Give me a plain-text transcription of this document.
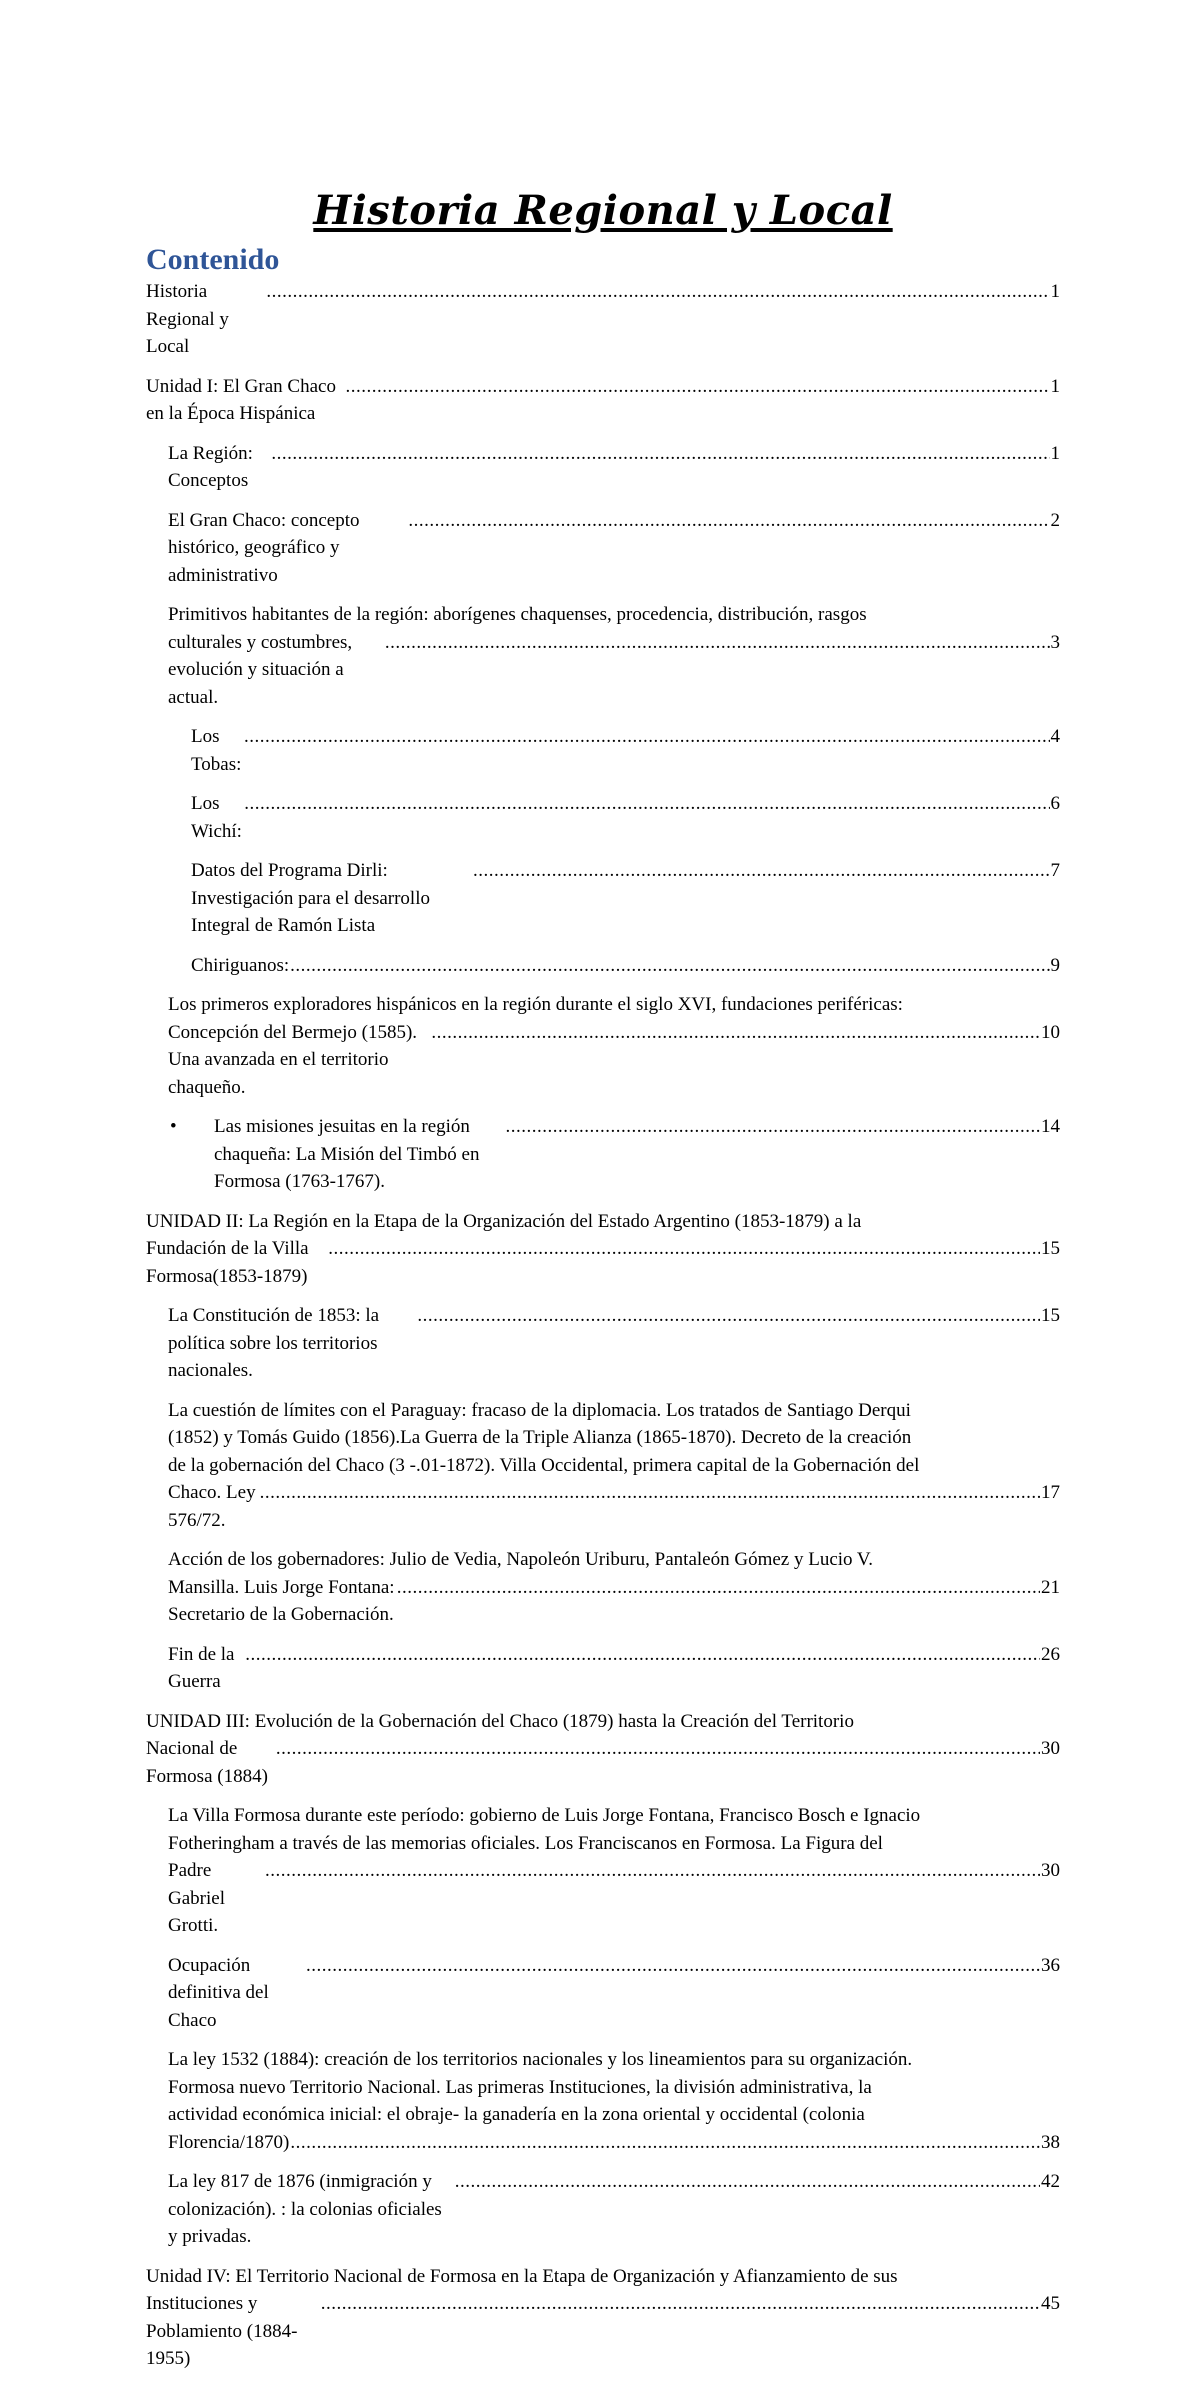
Historia Regional y Local
Contenido
Historia Regional y Local
.....
1
Unidad I: El Gran Chaco en la Época Hispánica
.....
1
La Región: Conceptos
.....
1
El Gran Chaco: concepto histórico, geográfico y administrativo
.....
2
Primitivos habitantes de la región: aborígenes chaquenses, procedencia, distribución, rasgos
culturales y costumbres, evolución y situación a actual.
.....
3
Los Tobas:
.....
4
Los Wichí:
.....
6
Datos del Programa Dirli: Investigación para el desarrollo Integral de Ramón Lista
.....
7
Chiriguanos: .....	9
Los primeros exploradores hispánicos en la región durante el siglo XVI, fundaciones periféricas:
Concepción del Bermejo (1585). Una avanzada en el territorio chaqueño.
.....
10
• Las misiones jesuitas en la región chaqueña: La Misión del Timbó en Formosa (1763-1767).
.....
14
UNIDAD II: La Región en la Etapa de la Organización del Estado Argentino (1853-1879) a la
Fundación de la Villa Formosa(1853-1879)
.....
15
La Constitución de 1853: la política sobre los territorios nacionales.
.....
15
La cuestión de límites con el Paraguay: fracaso de la diplomacia. Los tratados de Santiago Derqui
(1852) y Tomás Guido (1856).La Guerra de la Triple Alianza (1865-1870). Decreto de la creación
de la gobernación del Chaco (3 -.01-1872). Villa Occidental, primera capital de la Gobernación del
Chaco. Ley 576/72.
.....
17
Acción de los gobernadores: Julio de Vedia, Napoleón Uriburu, Pantaleón Gómez y Lucio V.
Mansilla. Luis Jorge Fontana: Secretario de la Gobernación.
.....
21
Fin de la Guerra
.....
26
UNIDAD III: Evolución de la Gobernación del Chaco (1879) hasta la Creación del Territorio
Nacional de Formosa (1884)
.....
30
La Villa Formosa durante este período: gobierno de Luis Jorge Fontana, Francisco Bosch e Ignacio
Fotheringham a través de las memorias oficiales. Los Franciscanos en Formosa. La Figura del
Padre Gabriel Grotti.
.....
30
Ocupación definitiva del Chaco
.....
36
La ley 1532 (1884): creación de los territorios nacionales y los lineamientos para su organización.
Formosa nuevo Territorio Nacional. Las primeras Instituciones, la división administrativa, la
actividad económica inicial: el obraje- la ganadería en la zona oriental y occidental (colonia
Florencia/1870) .....	38
La ley 817 de 1876 (inmigración y colonización). : la colonias oficiales y privadas.
.....
42
Unidad IV: El Territorio Nacional de Formosa en la Etapa de Organización y Afianzamiento de sus
Instituciones y Poblamiento (1884-1955)
.....
45
